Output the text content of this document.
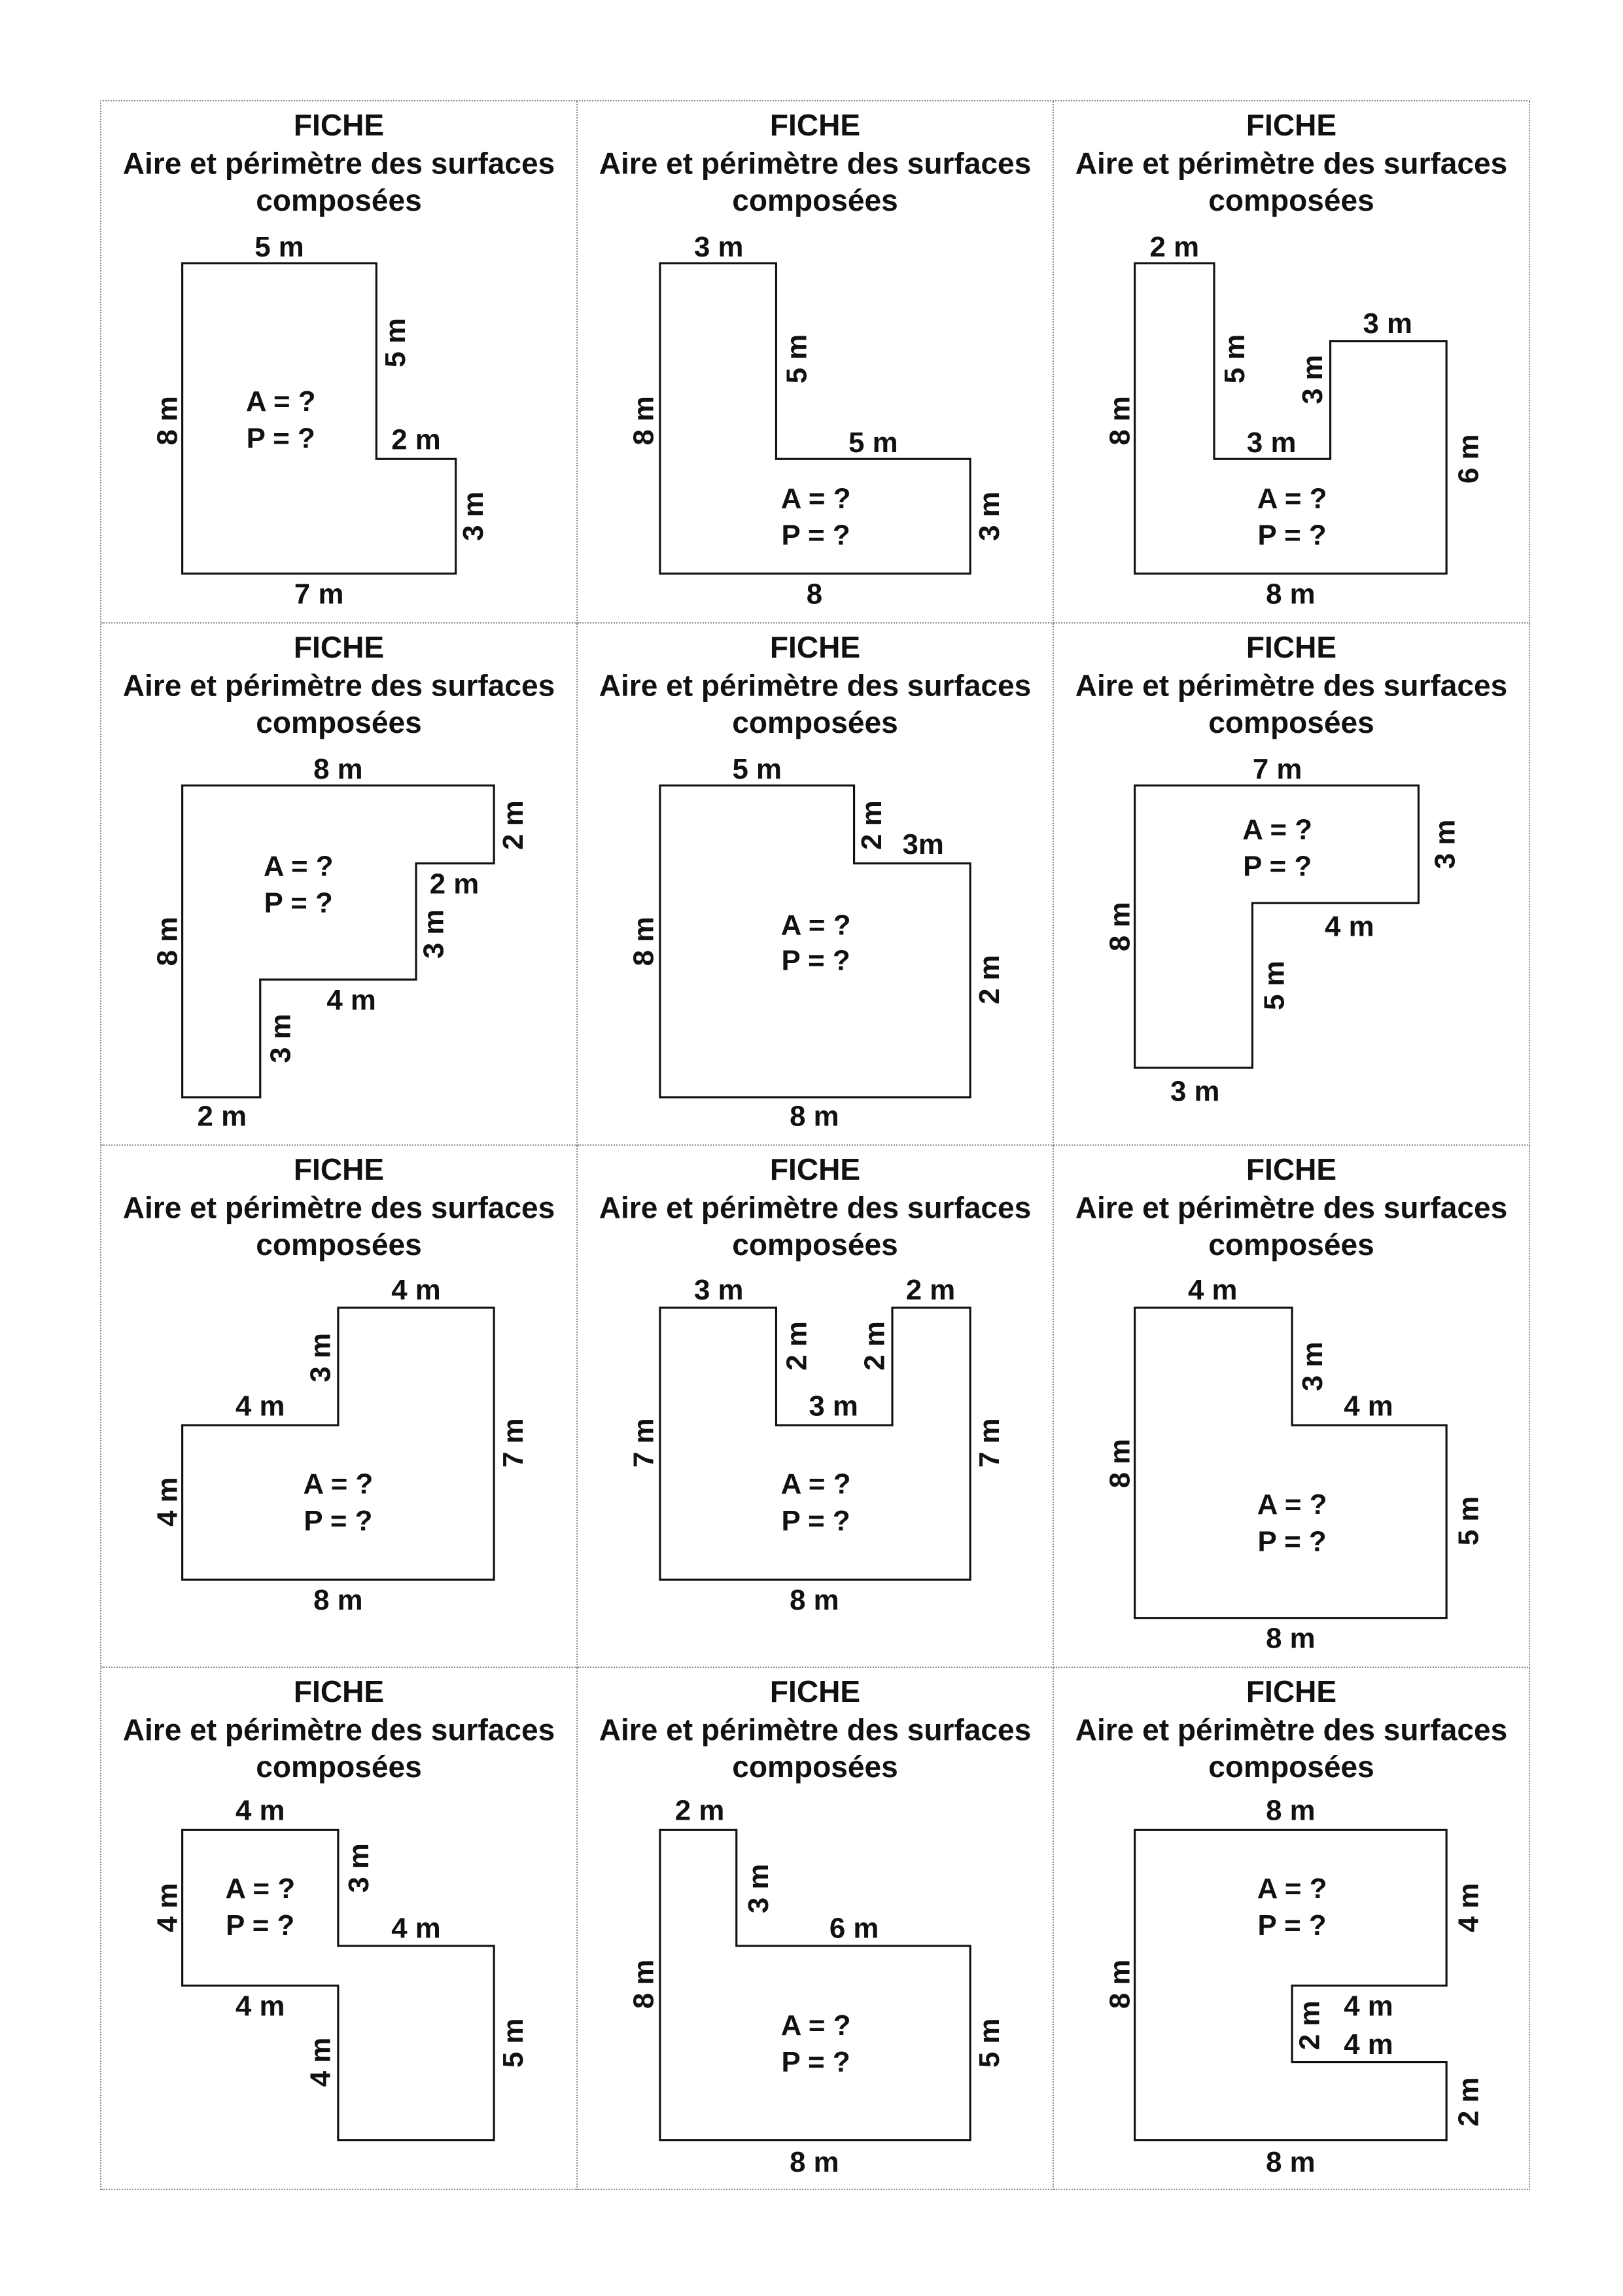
FICHE
Aire et périmètre des surfaces
composées
A = ?
P = ?
5 m
5 m
8 m	2 m
3 m
7 m
FICHE
Aire et périmètre des surfaces
composées
A = ?
P = ?
3 m
5 m
8 m	5 m
3 m
8
FICHE
Aire et périmètre des surfaces
composées
A = ?
P = ?
2 m
5 m	3 m
3 m
8 m	3 m	6 m
8 m
FICHE
Aire et périmètre des surfaces
composées
A = ?
P = ?
8 m
2 m
2 m
3 m
8 m
4 m
3 m
2 m
FICHE
Aire et périmètre des surfaces
composées
A = ?
P = ?
5 m
2 m 3m
8 m
2 m
8 m
FICHE
Aire et périmètre des surfaces
composées
A = ?
P = ?
7 m
3 m
4 m
8 m
5 m
3 m
FICHE
Aire et périmètre des surfaces
composées
A = ?
P = ?
4 m
3 m
4 m
7 m
4 m
8 m
FICHE
Aire et périmètre des surfaces
composées
A = ?
P = ?
3 m	2 m
2 m	2 m
3 m
7 m	7 m
8 m
FICHE
Aire et périmètre des surfaces
composées
A = ?
P = ?
4 m
3 m
4 m
8 m
5 m
8 m
FICHE
Aire et périmètre des surfaces
composées
A = ?
P = ?
4 m
3 m
4 m	4 m
4 m
4 m	5 m
FICHE
Aire et périmètre des surfaces
composées
A = ?
P = ?
2 m
3 m
6 m
8 m
5 m
8 m
FICHE
Aire et périmètre des surfaces
composées
A = ?
P = ?
8 m
4 m
8 m
2 m 4 m
4 m
2 m
8 m
